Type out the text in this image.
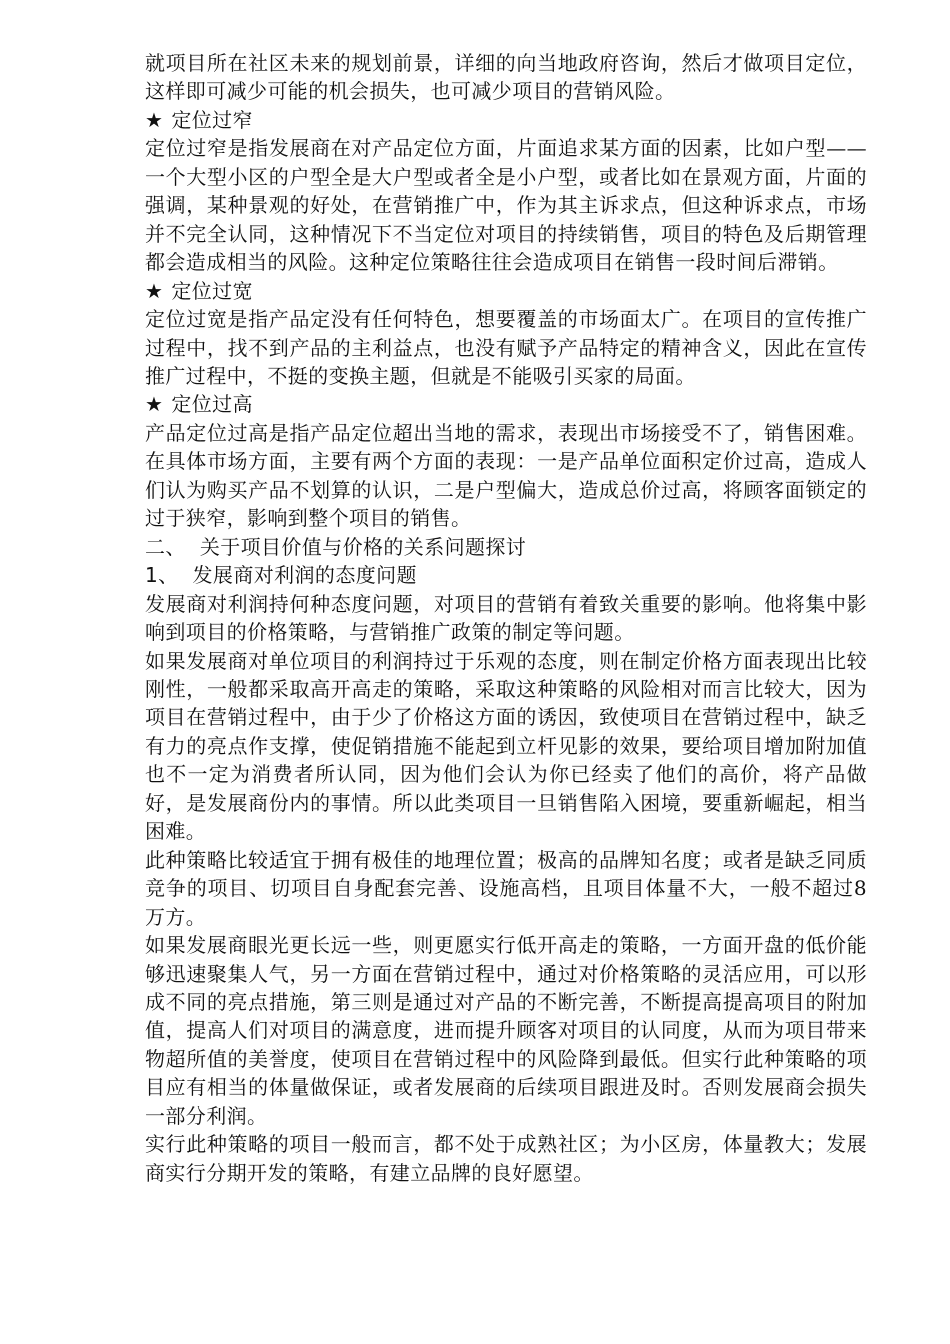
就项目所在社区未来的规划前景，详细的向当地政府咨询，然后才做项目定位，这样即可减少可能的机会损失，也可减少项目的营销风险。

★ 定位过窄

定位过窄是指发展商在对产品定位方面，片面追求某方面的因素，比如户型——一个大型小区的户型全是大户型或者全是小户型，或者比如在景观方面，片面的强调，某种景观的好处，在营销推广中，作为其主诉求点，但这种诉求点，市场并不完全认同，这种情况下不当定位对项目的持续销售，项目的特色及后期管理都会造成相当的风险。这种定位策略往往会造成项目在销售一段时间后滞销。

★ 定位过宽

定位过宽是指产品定没有任何特色，想要覆盖的市场面太广。在项目的宣传推广过程中，找不到产品的主利益点，也没有赋予产品特定的精神含义，因此在宣传推广过程中，不挺的变换主题，但就是不能吸引买家的局面。

★ 定位过高

产品定位过高是指产品定位超出当地的需求，表现出市场接受不了，销售困难。在具体市场方面，主要有两个方面的表现：一是产品单位面积定价过高，造成人们认为购买产品不划算的认识，二是户型偏大，造成总价过高，将顾客面锁定的过于狭窄，影响到整个项目的销售。

二、 关于项目价值与价格的关系问题探讨

1、 发展商对利润的态度问题

发展商对利润持何种态度问题，对项目的营销有着致关重要的影响。他将集中影响到项目的价格策略，与营销推广政策的制定等问题。

如果发展商对单位项目的利润持过于乐观的态度，则在制定价格方面表现出比较刚性，一般都采取高开高走的策略，采取这种策略的风险相对而言比较大，因为项目在营销过程中，由于少了价格这方面的诱因，致使项目在营销过程中，缺乏有力的亮点作支撑，使促销措施不能起到立杆见影的效果，要给项目增加附加值也不一定为消费者所认同，因为他们会认为你已经卖了他们的高价，将产品做好，是发展商份内的事情。所以此类项目一旦销售陷入困境，要重新崛起，相当困难。

此种策略比较适宜于拥有极佳的地理位置；极高的品牌知名度；或者是缺乏同质竞争的项目、切项目自身配套完善、设施高档，且项目体量不大，一般不超过8万方。

如果发展商眼光更长远一些，则更愿实行低开高走的策略，一方面开盘的低价能够迅速聚集人气，另一方面在营销过程中，通过对价格策略的灵活应用，可以形成不同的亮点措施，第三则是通过对产品的不断完善，不断提高提高项目的附加值，提高人们对项目的满意度，进而提升顾客对项目的认同度，从而为项目带来物超所值的美誉度，使项目在营销过程中的风险降到最低。但实行此种策略的项目应有相当的体量做保证，或者发展商的后续项目跟进及时。否则发展商会损失一部分利润。

实行此种策略的项目一般而言，都不处于成熟社区；为小区房，体量教大；发展商实行分期开发的策略，有建立品牌的良好愿望。
